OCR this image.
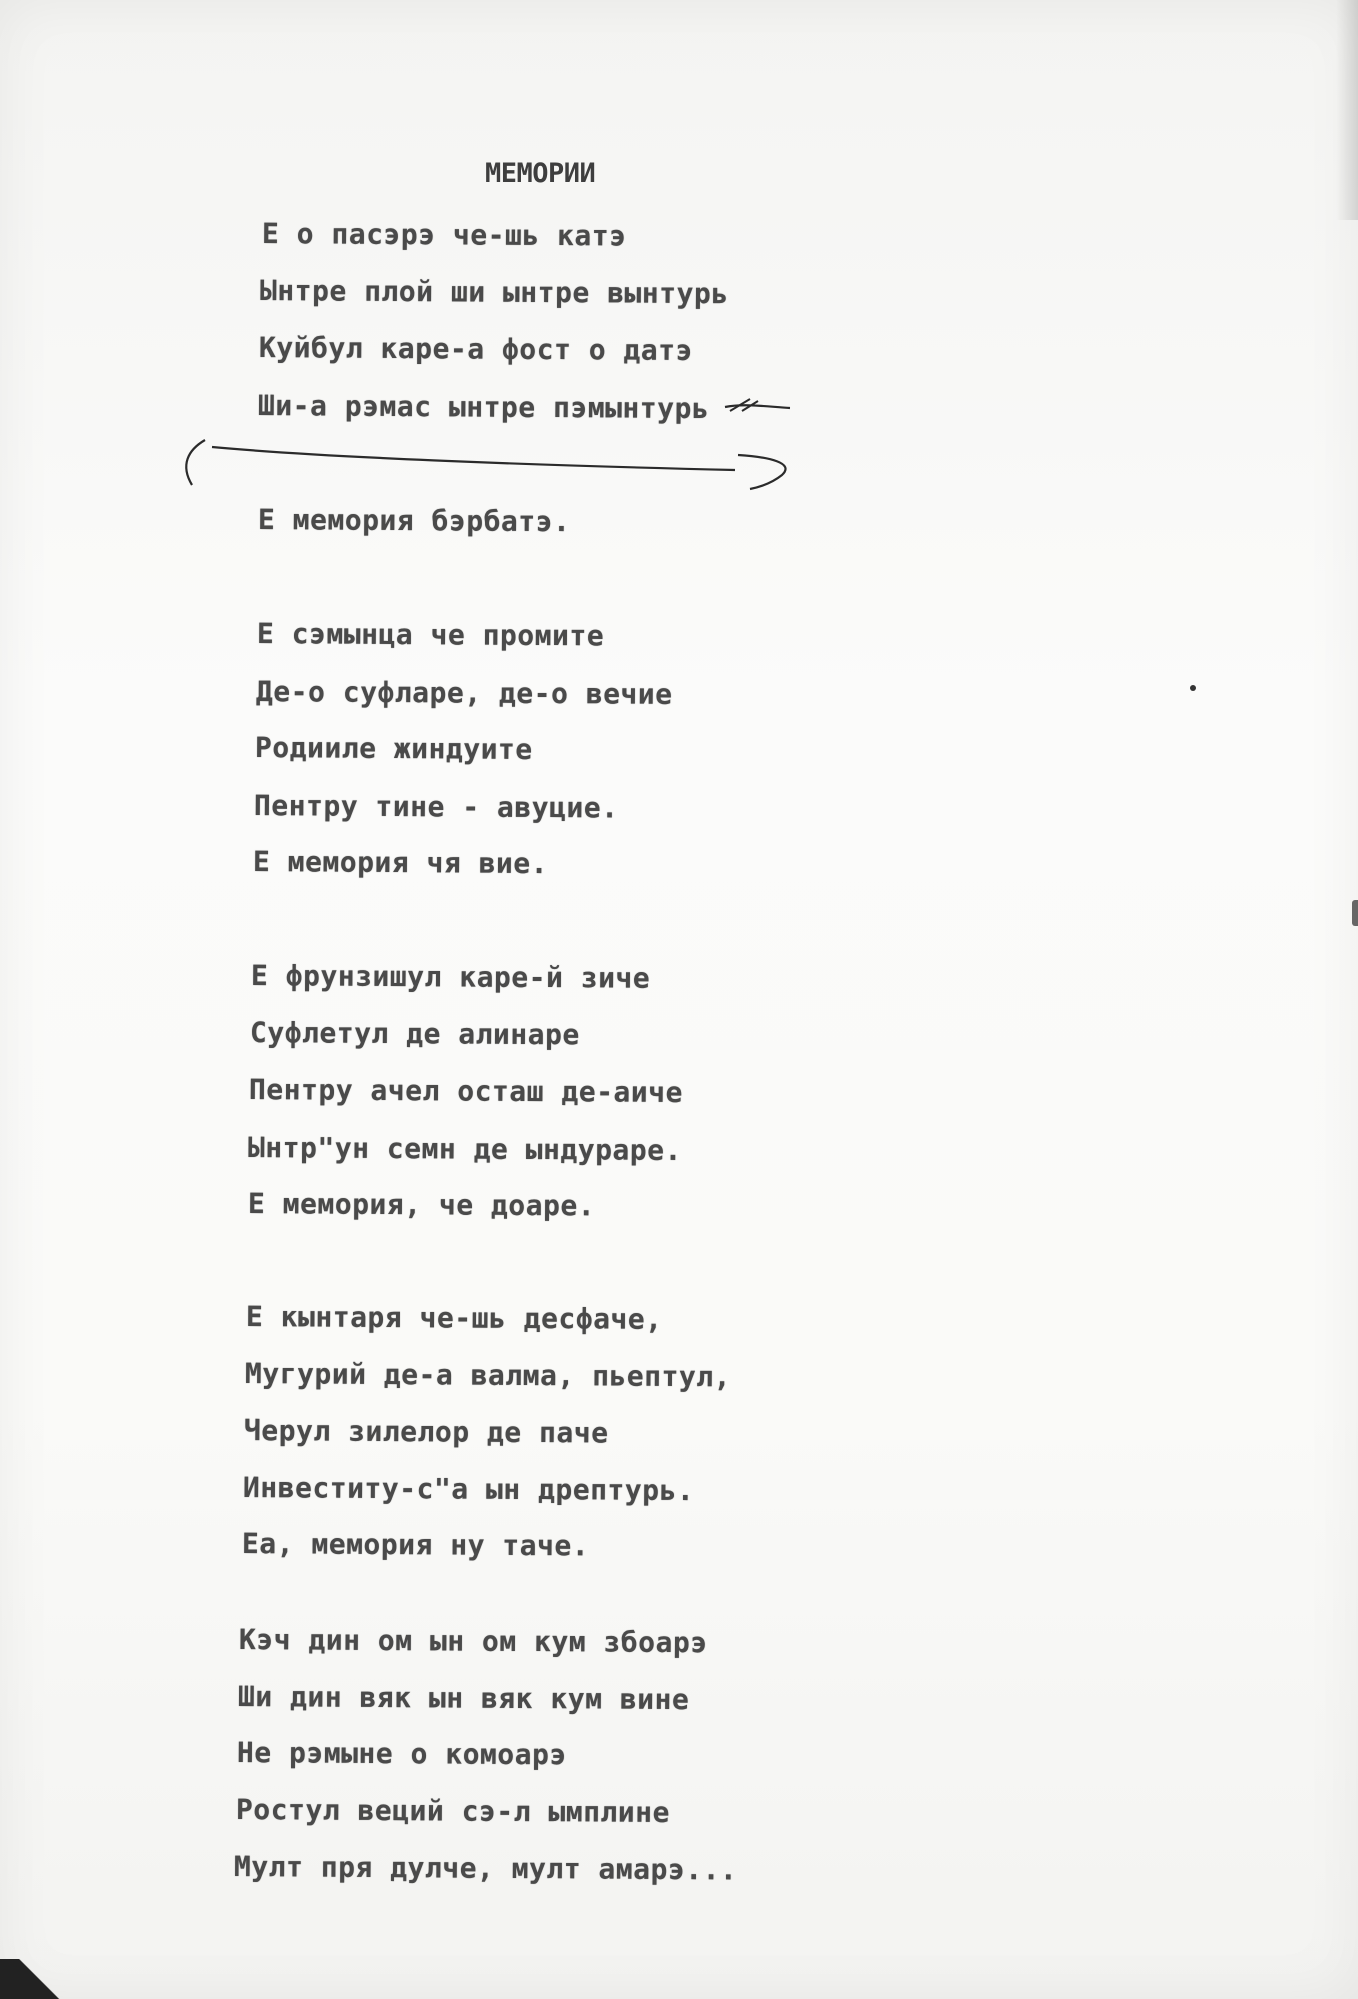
МЕМОРИИ
Е о пасэрэ че-шь катэ
Ынтре плой ши ынтре вынтурь
Куйбул каре-а фост о датэ
Ши-а рэмас ынтре пэмынтурь
Е мемория бэрбатэ.
Е сэмынца че промите
Де-о суфларе, де-о вечие
Родииле жиндуите
Пентру тине - авуцие.
Е мемория чя вие.
Е фрунзишул каре-й зиче
Суфлетул де алинаре
Пентру ачел осташ де-аиче
Ынтр"ун семн де ындураре.
Е мемория, че доаре.
Е кынтаря че-шь десфаче,
Мугурий де-а валма, пьептул,
Черул зилелор де паче
Инвеститу-с"а ын дрептурь.
Еа, мемория ну тaче.
Кэч дин ом ын ом кум збоарэ
Ши дин вяк ын вяк кум вине
Не рэмыне о комоарэ
Ростул веций сэ-л ымплине
Мулт пря дулче, мулт амарэ...
